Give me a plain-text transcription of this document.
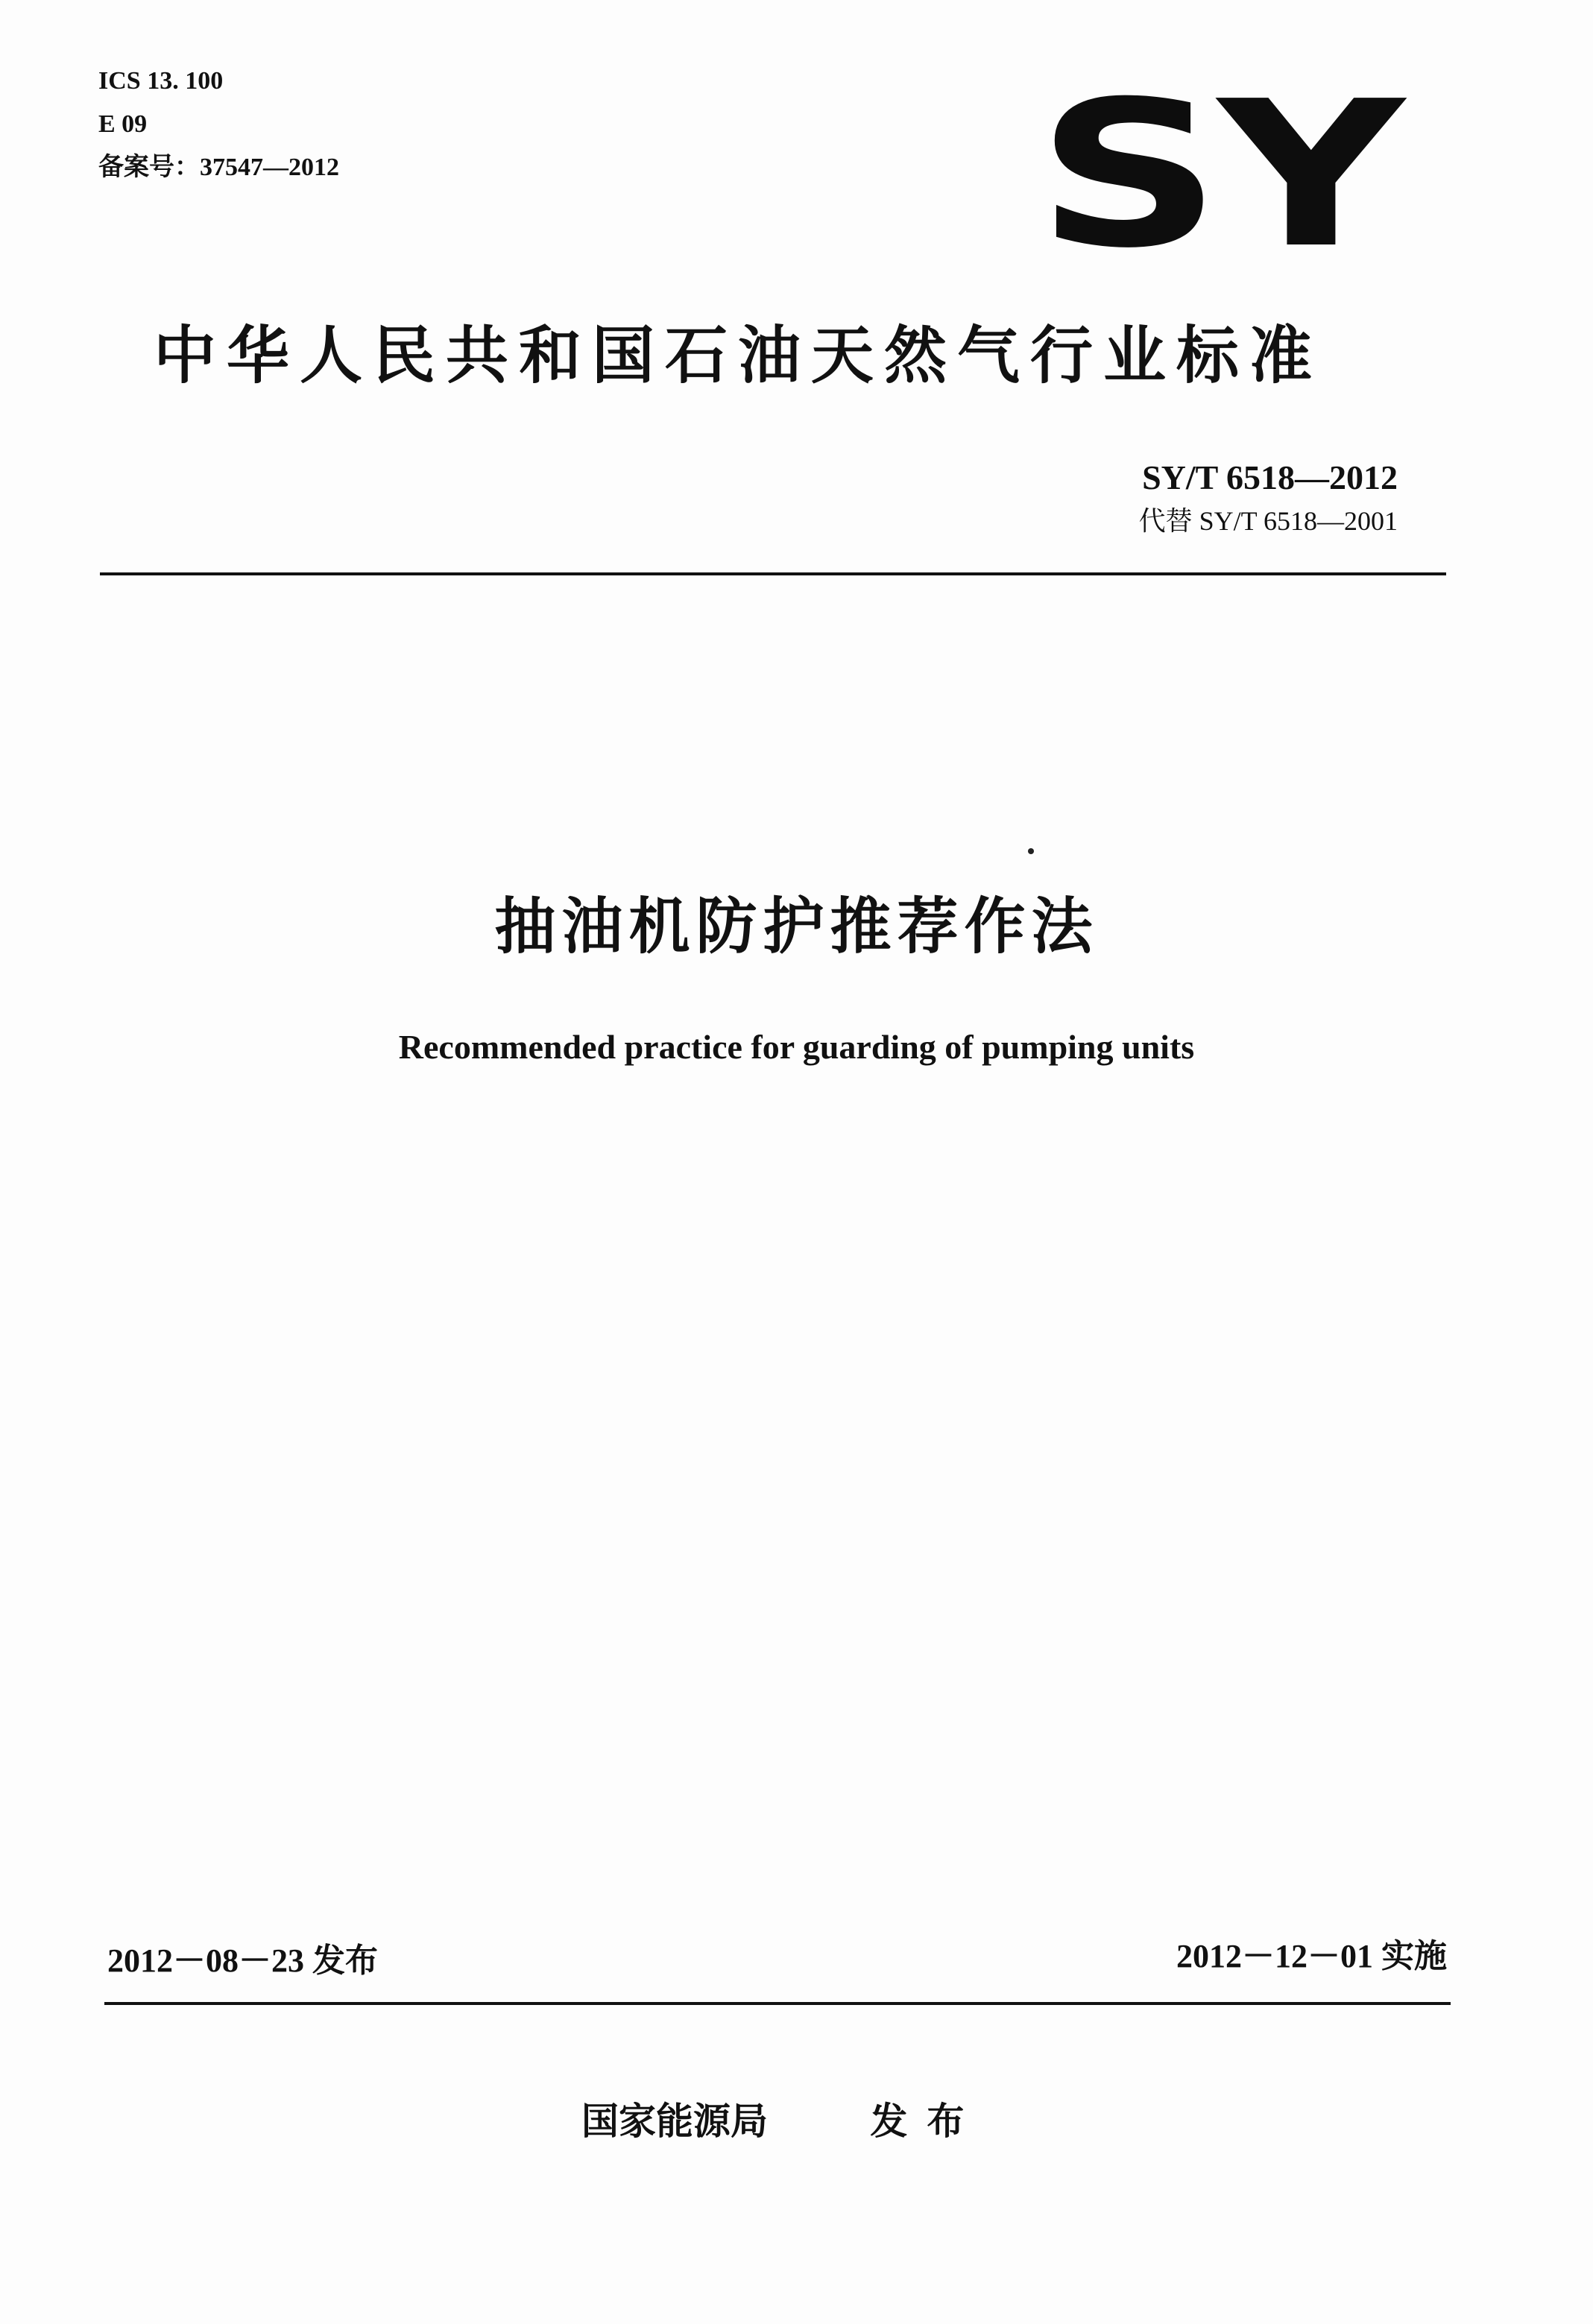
ICS 13. 100
E 09
备案号：37547—2012	SY
中华人民共和国石油天然气行业标准
SY/T 6518—2012
代替 SY/T 6518—2001
抽油机防护推荐作法
Recommended practice for guarding of pumping units
2012－08－23 发布	2012－12－01 实施
国家能源局	发布
